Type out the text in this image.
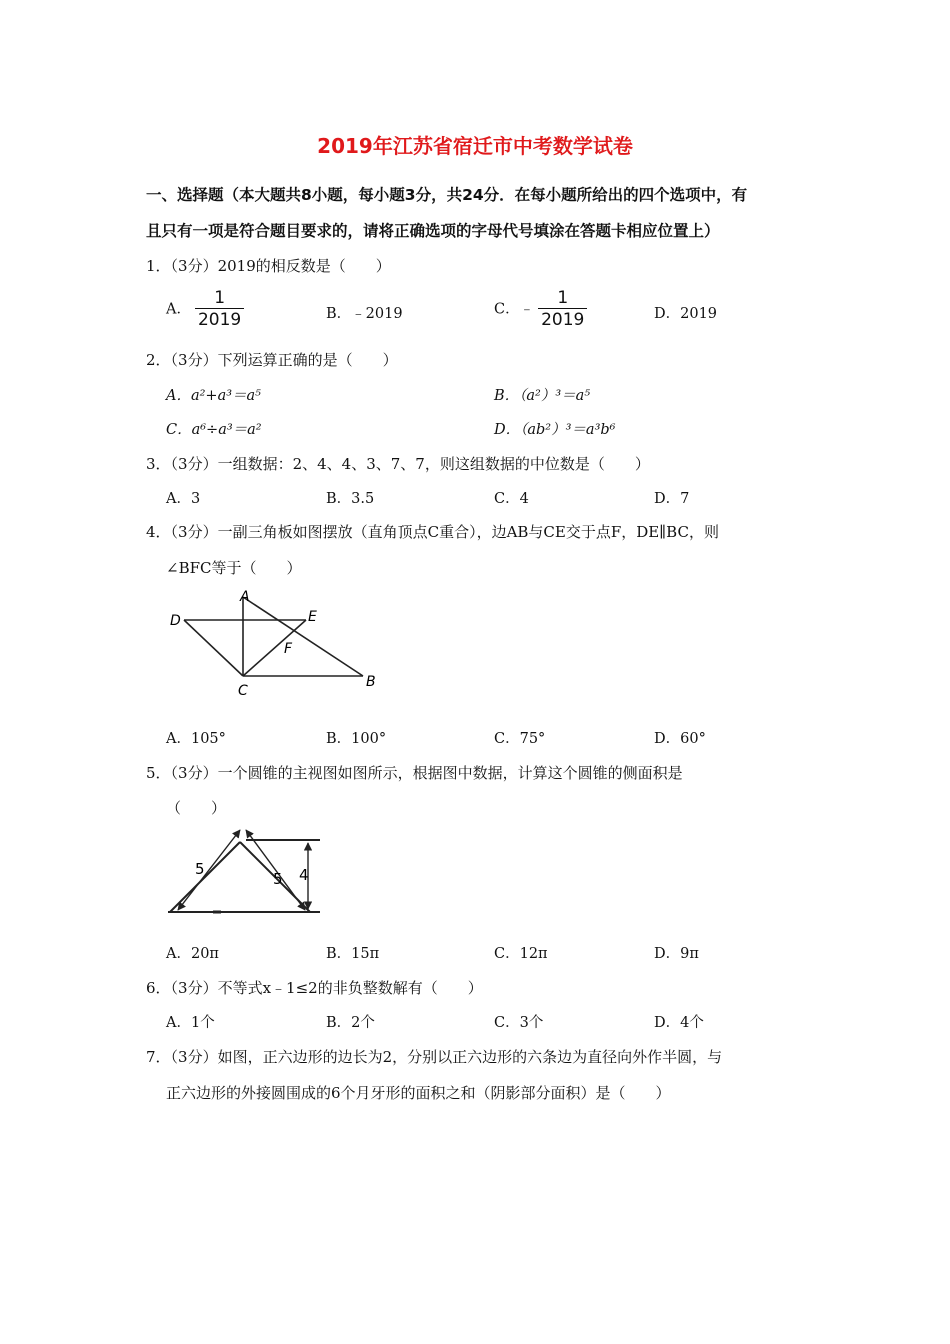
2019年江苏省宿迁市中考数学试卷
一、选择题（本大题共8小题，每小题3分，共24分．在每小题所给出的四个选项中，有
且只有一项是符合题目要求的，请将正确选项的字母代号填涂在答题卡相应位置上）
1．（3分）2019的相反数是（　　）
A． $\frac{1}{2019}$	B．﹣2019	C．﹣ $\frac{1}{2019}$	D．2019
2．（3分）下列运算正确的是（　　）
A．a²+a³＝a⁵	B．（a²）³＝a⁵
C．a⁶÷a³＝a²	D．（ab²）³＝a³b⁶
3．（3分）一组数据：2、4、4、3、7、7，则这组数据的中位数是（　　）
A．3	B．3.5	C．4	D．7
4．（3分）一副三角板如图摆放（直角顶点C重合），边AB与CE交于点F，DE∥BC，则
∠BFC等于（　　）
D
A
E
F
C
B
A．105°	B．100°	C．75°	D．60°
5．（3分）一个圆锥的主视图如图所示，根据图中数据，计算这个圆锥的侧面积是
（　　）
5
5 4
A．20π	B．15π	C．12π	D．9π
6．（3分）不等式x﹣1≤2的非负整数解有（　　）
A．1个	B．2个	C．3个	D．4个
7．（3分）如图，正六边形的边长为2，分别以正六边形的六条边为直径向外作半圆，与
正六边形的外接圆围成的6个月牙形的面积之和（阴影部分面积）是（　　）
